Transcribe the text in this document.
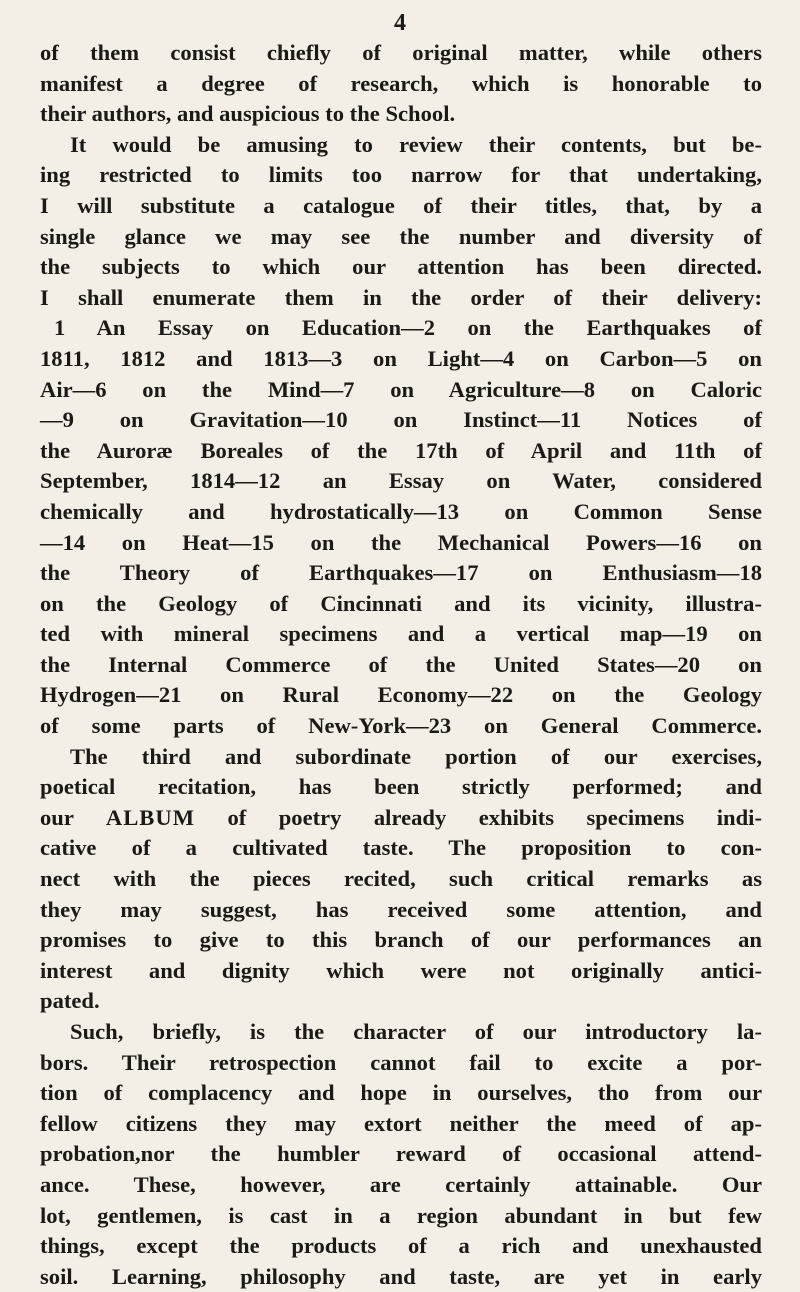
4
of them consist chiefly of original matter, while others
manifest a degree of research, which is honorable to
their authors, and auspicious to the School.
It would be amusing to review their contents, but be-
ing restricted to limits too narrow for that undertaking,
I will substitute a catalogue of their titles, that, by a
single glance we may see the number and diversity of
the subjects to which our attention has been directed.
I shall enumerate them in the order of their delivery:
1 An Essay on Education—2 on the Earthquakes of
1811, 1812 and 1813—3 on Light—4 on Carbon—5 on
Air—6 on the Mind—7 on Agriculture—8 on Caloric
—9 on Gravitation—10 on Instinct—11 Notices of
the Auroræ Boreales of the 17th of April and 11th of
September, 1814—12 an Essay on Water, considered
chemically and hydrostatically—13 on Common Sense
—14 on Heat—15 on the Mechanical Powers—16 on
the Theory of Earthquakes—17 on Enthusiasm—18
on the Geology of Cincinnati and its vicinity, illustra-
ted with mineral specimens and a vertical map—19 on
the Internal Commerce of the United States—20 on
Hydrogen—21 on Rural Economy—22 on the Geology
of some parts of New-York—23 on General Commerce.
The third and subordinate portion of our exercises,
poetical recitation, has been strictly performed; and
our ALBUM of poetry already exhibits specimens indi-
cative of a cultivated taste. The proposition to con-
nect with the pieces recited, such critical remarks as
they may suggest, has received some attention, and
promises to give to this branch of our performances an
interest and dignity which were not originally antici-
pated.
Such, briefly, is the character of our introductory la-
bors. Their retrospection cannot fail to excite a por-
tion of complacency and hope in ourselves, tho from our
fellow citizens they may extort neither the meed of ap-
probation,nor the humbler reward of occasional attend-
ance. These, however, are certainly attainable. Our
lot, gentlemen, is cast in a region abundant in but few
things, except the products of a rich and unexhausted
soil. Learning, philosophy and taste, are yet in early
